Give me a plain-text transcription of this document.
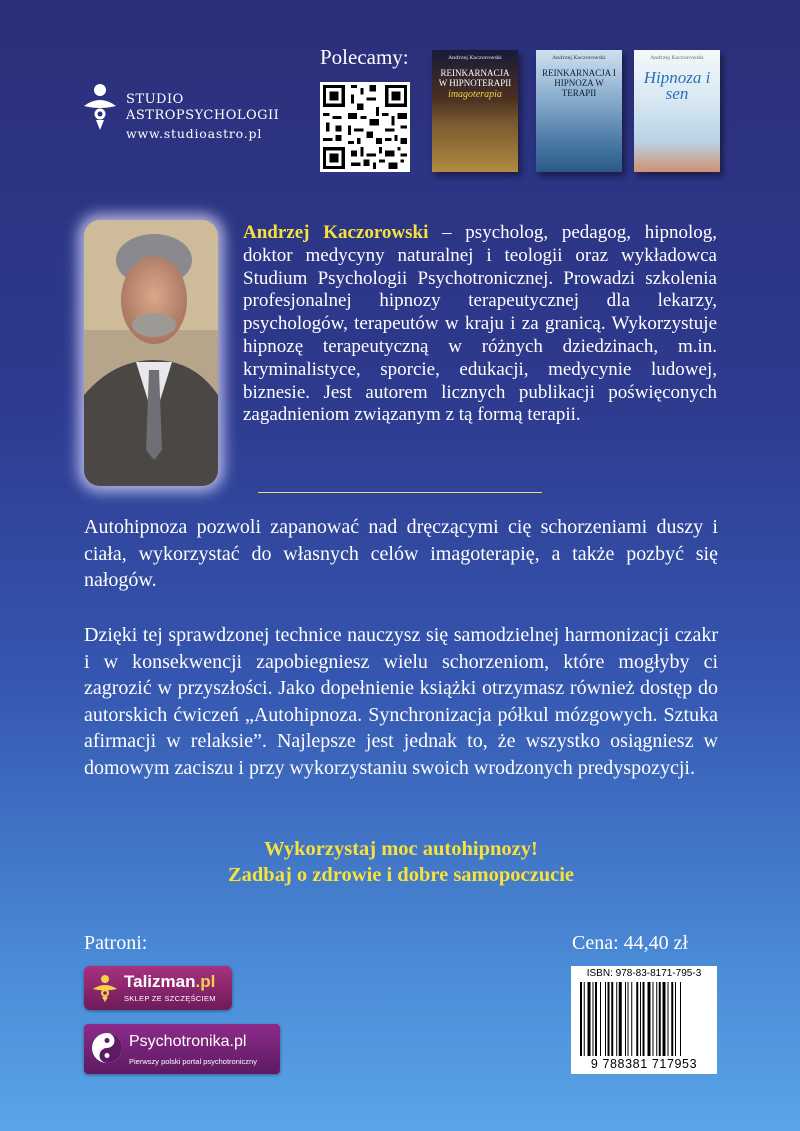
STUDIO
ASTROPSYCHOLOGII
www.studioastro.pl
Polecamy:	Andrzej Kaczorowski
REINKARNACJA W HIPNOTERAPII
imagoterapia
Andrzej Kaczorowski
REINKARNACJA I HIPNOZA W TERAPII
Andrzej Kaczorowski
Hipnoza i sen
Andrzej Kaczorowski – psycholog, pedagog, hipnolog, doktor medycyny naturalnej i teologii oraz wykładowca Studium Psychologii Psychotronicznej. Prowadzi szkolenia profesjonalnej hipnozy terapeutycznej dla lekarzy, psychologów, terapeutów w kraju i za granicą. Wykorzystuje hipnozę terapeutyczną w różnych dziedzinach, m.in. kryminalistyce, sporcie, edukacji, medycynie ludowej, biznesie. Jest autorem licznych publikacji poświęconych zagadnieniom związanym z tą formą terapii.
Autohipnoza pozwoli zapanować nad dręczącymi cię schorzeniami duszy i ciała, wykorzystać do własnych celów imagoterapię, a także pozbyć się nałogów.
Dzięki tej sprawdzonej technice nauczysz się samodzielnej harmonizacji czakr i w konsekwencji zapobiegniesz wielu schorzeniom, które mogłyby ci zagrozić w przyszłości. Jako dopełnienie książki otrzymasz również dostęp do autorskich ćwiczeń „Autohipnoza. Synchronizacja półkul mózgowych. Sztuka afirmacji w relaksie”. Najlepsze jest jednak to, że wszystko osiągniesz w domowym zaciszu i przy wykorzystaniu swoich wrodzonych predyspozycji.
Wykorzystaj moc autohipnozy!
Zadbaj o zdrowie i dobre samopoczucie
Patroni:	Cena: 44,40 zł
Talizman.pl
SKLEP ZE SZCZĘŚCIEM
Psychotronika.pl
Pierwszy polski portal psychotroniczny
ISBN: 978-83-8171-795-3
9 788381 717953
